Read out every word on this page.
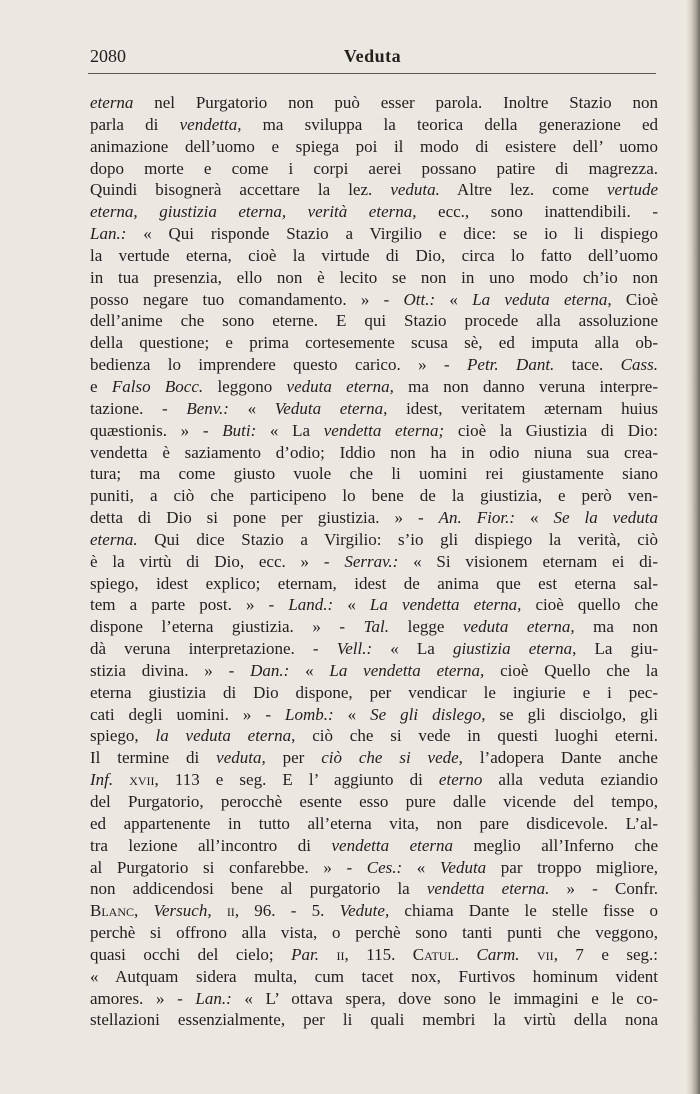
2080	Veduta
eterna nel Purgatorio non può esser parola. Inoltre Stazio non
parla di vendetta, ma sviluppa la teorica della generazione ed
animazione dell’uomo e spiega poi il modo di esistere dell’ uomo
dopo morte e come i corpi aerei possano patire di magrezza.
Quindi bisognerà accettare la lez. veduta. Altre lez. come vertude
eterna, giustizia eterna, verità eterna, ecc., sono inattendibili. -
Lan.: « Qui risponde Stazio a Virgilio e dice: se io li dispiego
la vertude eterna, cioè la virtude di Dio, circa lo fatto dell’uomo
in tua presenzia, ello non è lecito se non in uno modo ch’io non
posso negare tuo comandamento. » - Ott.: « La veduta eterna, Cioè
dell’anime che sono eterne. E qui Stazio procede alla assoluzione
della questione; e prima cortesemente scusa sè, ed imputa alla ob-
bedienza lo imprendere questo carico. » - Petr. Dant. tace. Cass.
e Falso Bocc. leggono veduta eterna, ma non danno veruna interpre-
tazione. - Benv.: « Veduta eterna, idest, veritatem æternam huius
quæstionis. » - Buti: « La vendetta eterna; cioè la Giustizia di Dio:
vendetta è saziamento d’odio; Iddio non ha in odio niuna sua crea-
tura; ma come giusto vuole che li uomini rei giustamente siano
puniti, a ciò che participeno lo bene de la giustizia, e però ven-
detta di Dio si pone per giustizia. » - An. Fior.: « Se la veduta
eterna. Qui dice Stazio a Virgilio: s’io gli dispiego la verità, ciò
è la virtù di Dio, ecc. » - Serrav.: « Si visionem eternam ei di-
spiego, idest explico; eternam, idest de anima que est eterna sal-
tem a parte post. » - Land.: « La vendetta eterna, cioè quello che
dispone l’eterna giustizia. » - Tal. legge veduta eterna, ma non
dà veruna interpretazione. - Vell.: « La giustizia eterna, La giu-
stizia divina. » - Dan.: « La vendetta eterna, cioè Quello che la
eterna giustizia di Dio dispone, per vendicar le ingiurie e i pec-
cati degli uomini. » - Lomb.: « Se gli dislego, se gli disciolgo, gli
spiego, la veduta eterna, ciò che si vede in questi luoghi eterni.
Il termine di veduta, per ciò che si vede, l’adopera Dante anche
Inf. xvii, 113 e seg. E l’ aggiunto di eterno alla veduta eziandio
del Purgatorio, perocchè esente esso pure dalle vicende del tempo,
ed appartenente in tutto all’eterna vita, non pare disdicevole. L’al-
tra lezione all’incontro di vendetta eterna meglio all’Inferno che
al Purgatorio si confarebbe. » - Ces.: « Veduta par troppo migliore,
non addicendosi bene al purgatorio la vendetta eterna. » - Confr.
Blanc, Versuch, ii, 96. - 5. Vedute, chiama Dante le stelle fisse o
perchè si offrono alla vista, o perchè sono tanti punti che veggono,
quasi occhi del cielo; Par. ii, 115. Catul. Carm. vii, 7 e seg.:
« Autquam sidera multa, cum tacet nox, Furtivos hominum vident
amores. » - Lan.: « L’ ottava spera, dove sono le immagini e le co-
stellazioni essenzialmente, per li quali membri la virtù della nona
